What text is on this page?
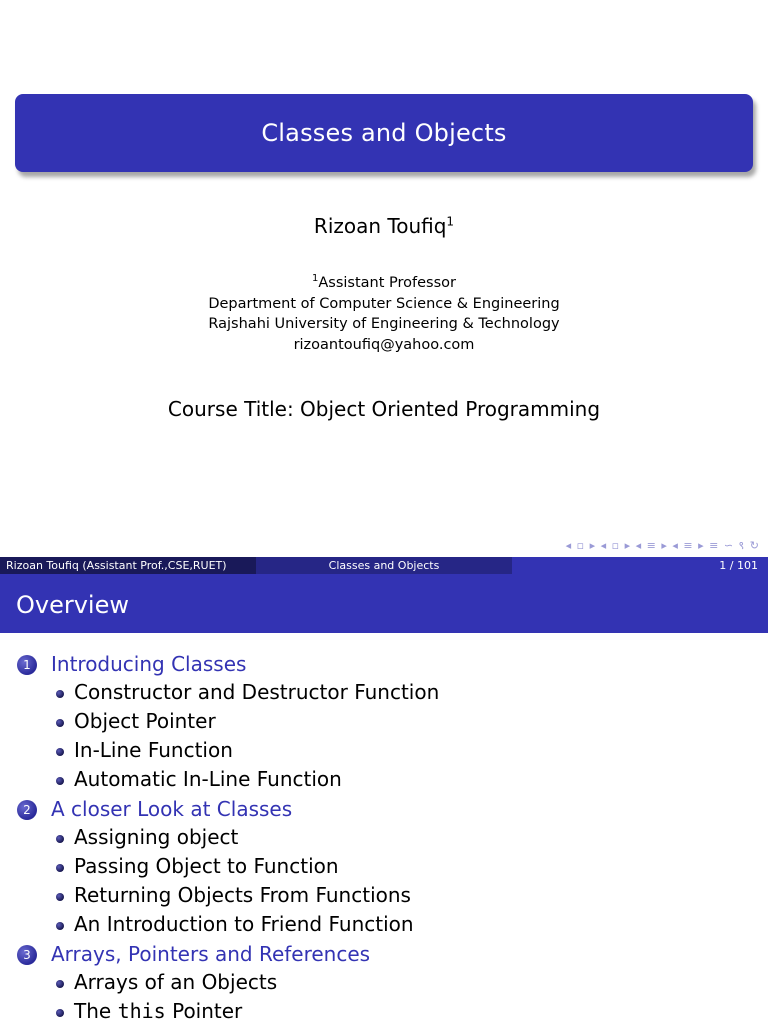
Classes and Objects
Rizoan Toufiq$^1$
$^1$Assistant Professor
Department of Computer Science & Engineering
Rajshahi University of Engineering & Technology
rizoantoufiq@yahoo.com
Course Title: Object Oriented Programming
◂ ▫ ▸ ◂ ▫ ▸ ◂ ≡ ▸ ◂ ≡ ▸ ≡ ∽ ९ ↻
Rizoan Toufiq (Assistant Prof.,CSE,RUET)	Classes and Objects	1 / 101
Overview
1	Introducing Classes
Constructor and Destructor Function
Object Pointer
In-Line Function
Automatic In-Line Function
2	A closer Look at Classes
Assigning object
Passing Object to Function
Returning Objects From Functions
An Introduction to Friend Function
3	Arrays, Pointers and References
Arrays of an Objects
The this Pointer
